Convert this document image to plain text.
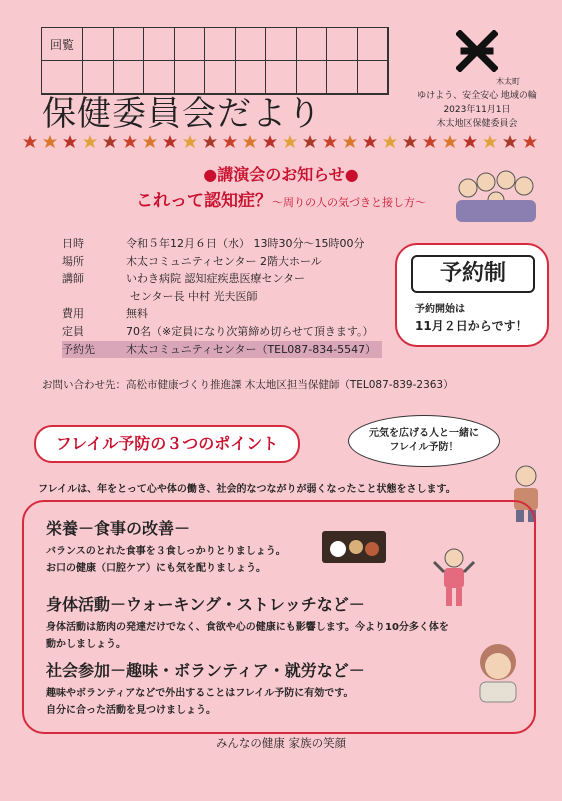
回覧
木太町
ゆけよう、安全安心 地域の輪
2023年11月1日
木太地区保健委員会
保健委員会だより
●講演会のお知らせ●
これって認知症？～周りの人の気づきと接し方～
日時	令和５年12月６日（水） 13時30分～15時00分
場所	木太コミュニティセンター 2階大ホール
講師	いわき病院 認知症疾患医療センター
センター長 中村 光夫医師
費用	無料
定員	70名（※定員になり次第締め切らせて頂きます。）
予約先	木太コミュニティセンター（TEL087-834-5547）
予約制
予約開始は
11月２日からです！
お問い合わせ先：高松市健康づくり推進課 木太地区担当保健師（TEL087-839-2363）
フレイル予防の３つのポイント
元気を広げる人と一緒に
フレイル予防！
フレイルは、年をとって心や体の働き、社会的なつながりが弱くなったこと状態をさします。
栄養－食事の改善－

バランスのとれた食事を３食しっかりとりましょう。

お口の健康（口腔ケア）にも気を配りましょう。

身体活動－ウォーキング・ストレッチなど－

身体活動は筋肉の発達だけでなく、食欲や心の健康にも影響します。今より10分多く体を

動かしましょう。

社会参加－趣味・ボランティア・就労など－

趣味やボランティアなどで外出することはフレイル予防に有効です。

自分に合った活動を見つけましょう。

みんなの健康 家族の笑顔
